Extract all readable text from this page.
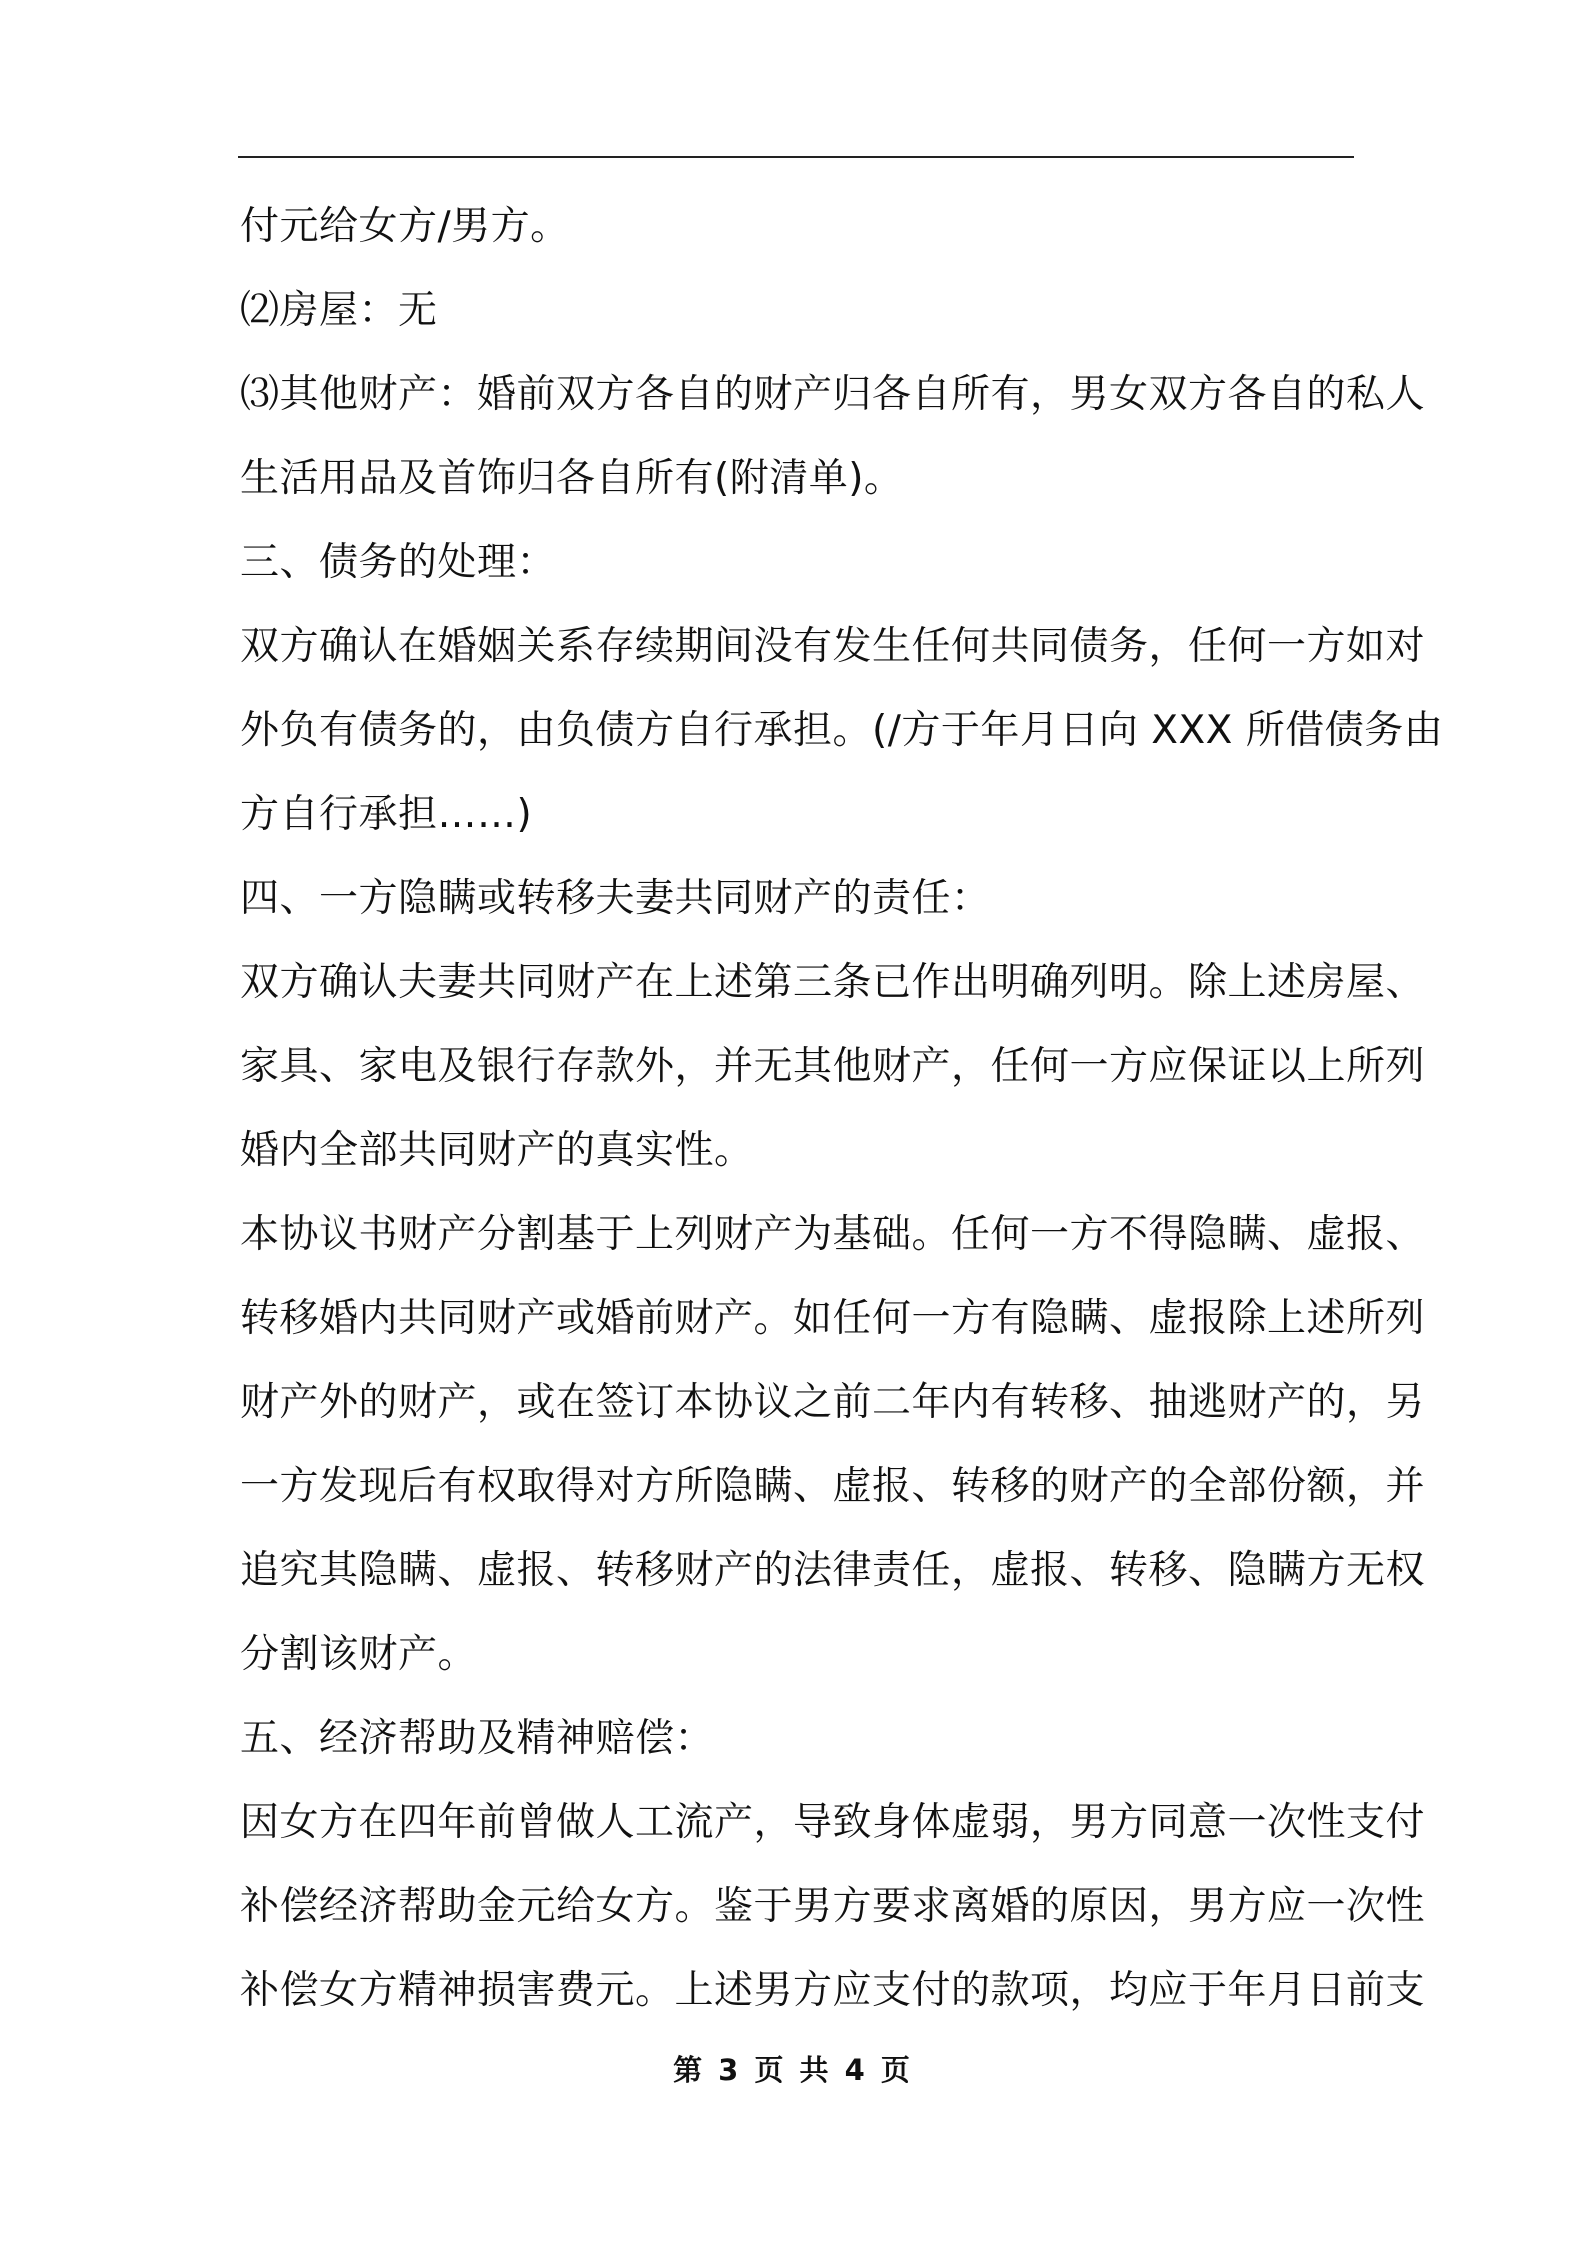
付元给女方/男方。
⑵房屋：无
⑶其他财产：婚前双方各自的财产归各自所有，男女双方各自的私人
生活用品及首饰归各自所有(附清单)。
三、债务的处理：
双方确认在婚姻关系存续期间没有发生任何共同债务，任何一方如对
外负有债务的，由负债方自行承担。(/方于年月日向 XXX 所借债务由
方自行承担……)
四、一方隐瞒或转移夫妻共同财产的责任：
双方确认夫妻共同财产在上述第三条已作出明确列明。除上述房屋、
家具、家电及银行存款外，并无其他财产，任何一方应保证以上所列
婚内全部共同财产的真实性。
本协议书财产分割基于上列财产为基础。任何一方不得隐瞒、虚报、
转移婚内共同财产或婚前财产。如任何一方有隐瞒、虚报除上述所列
财产外的财产，或在签订本协议之前二年内有转移、抽逃财产的，另
一方发现后有权取得对方所隐瞒、虚报、转移的财产的全部份额，并
追究其隐瞒、虚报、转移财产的法律责任，虚报、转移、隐瞒方无权
分割该财产。
五、经济帮助及精神赔偿：
因女方在四年前曾做人工流产，导致身体虚弱，男方同意一次性支付
补偿经济帮助金元给女方。鉴于男方要求离婚的原因，男方应一次性
补偿女方精神损害费元。上述男方应支付的款项，均应于年月日前支
第 3 页 共 4 页
